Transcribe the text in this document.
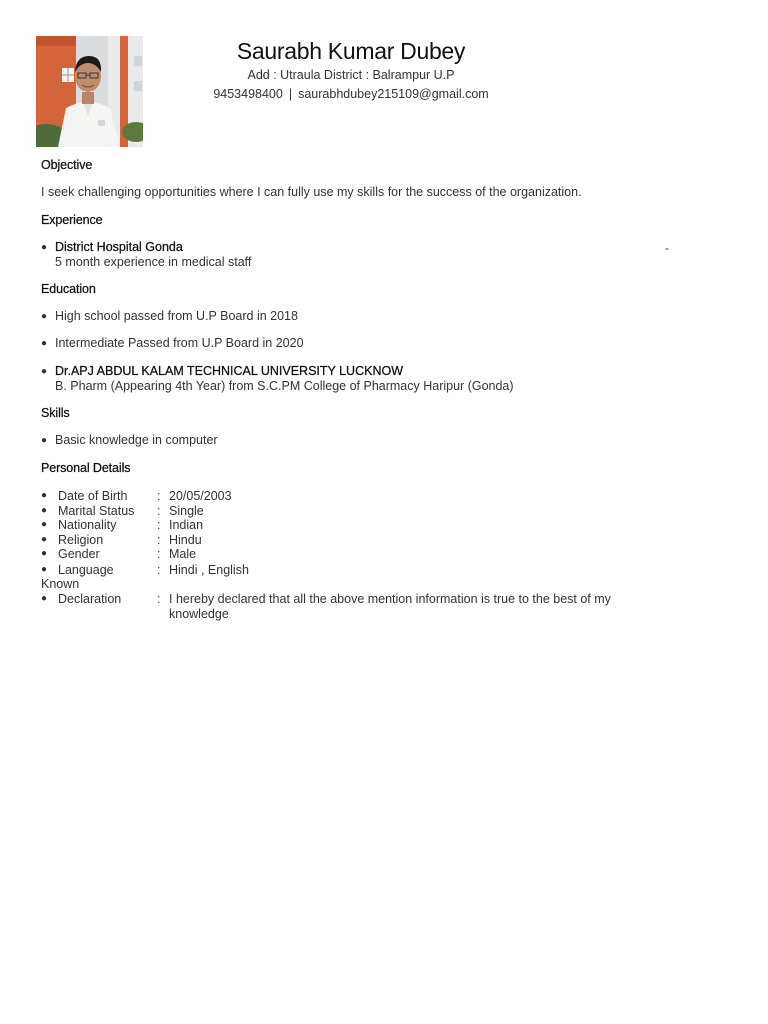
Saurabh Kumar Dubey
Add : Utraula District : Balrampur U.P
9453498400 | saurabhdubey215109@gmail.com
Objective
I seek challenging opportunities where I can fully use my skills for the success of the organization.
Experience
● District Hospital Gonda
5 month experience in medical staff
-
Education
● High school passed from U.P Board in 2018
● Intermediate Passed from U.P Board in 2020
● Dr.APJ ABDUL KALAM TECHNICAL UNIVERSITY LUCKNOW
B. Pharm (Appearing 4th Year) from S.C.PM College of Pharmacy Haripur (Gonda)
Skills
● Basic knowledge in computer
Personal Details
● Date of Birth : 20/05/2003
● Marital Status : Single
● Nationality	: Indian
● Religion	: Hindu
● Gender	: Male
● Language	: Hindi , English
Known
● Declaration	: I hereby declared that all the above mention information is true to the best of my knowledge
